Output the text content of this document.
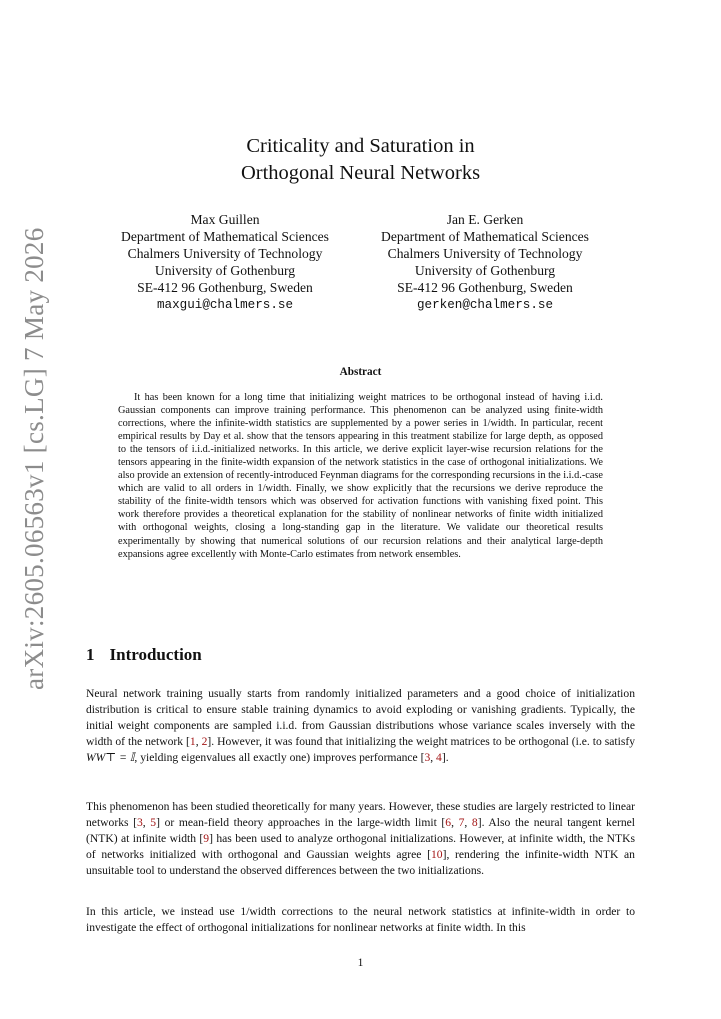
arXiv:2605.06563v1 [cs.LG] 7 May 2026
Criticality and Saturation in
Orthogonal Neural Networks
Max Guillen
Department of Mathematical Sciences
Chalmers University of Technology
University of Gothenburg
SE-412 96 Gothenburg, Sweden
maxgui@chalmers.se
Jan E. Gerken
Department of Mathematical Sciences
Chalmers University of Technology
University of Gothenburg
SE-412 96 Gothenburg, Sweden
gerken@chalmers.se
Abstract
It has been known for a long time that initializing weight matrices to be orthogonal instead of having i.i.d. Gaussian components can improve training performance. This phenomenon can be analyzed using finite-width corrections, where the infinite-width statistics are supplemented by a power series in 1/width. In particular, recent empirical results by Day et al. show that the tensors appearing in this treatment stabilize for large depth, as opposed to the tensors of i.i.d.-initialized networks. In this article, we derive explicit layer-wise recursion relations for the tensors appearing in the finite-width expansion of the network statistics in the case of orthogonal initializations. We also provide an extension of recently-introduced Feynman diagrams for the corresponding recursions in the i.i.d.-case which are valid to all orders in 1/width. Finally, we show explicitly that the recursions we derive reproduce the stability of the finite-width tensors which was observed for activation functions with vanishing fixed point. This work therefore provides a theoretical explanation for the stability of nonlinear networks of finite width initialized with orthogonal weights, closing a long-standing gap in the literature. We validate our theoretical results experimentally by showing that numerical solutions of our recursion relations and their analytical large-depth expansions agree excellently with Monte-Carlo estimates from network ensembles.
1 Introduction
Neural network training usually starts from randomly initialized parameters and a good choice of initialization distribution is critical to ensure stable training dynamics to avoid exploding or vanishing gradients. Typically, the initial weight components are sampled i.i.d. from Gaussian distributions whose variance scales inversely with the width of the network [1, 2]. However, it was found that initializing the weight matrices to be orthogonal (i.e. to satisfy WW⊤ = 𝕀, yielding eigenvalues all exactly one) improves performance [3, 4].
This phenomenon has been studied theoretically for many years. However, these studies are largely restricted to linear networks [3, 5] or mean-field theory approaches in the large-width limit [6, 7, 8]. Also the neural tangent kernel (NTK) at infinite width [9] has been used to analyze orthogonal initializations. However, at infinite width, the NTKs of networks initialized with orthogonal and Gaussian weights agree [10], rendering the infinite-width NTK an unsuitable tool to understand the observed differences between the two initializations.
In this article, we instead use 1/width corrections to the neural network statistics at infinite-width in order to investigate the effect of orthogonal initializations for nonlinear networks at finite width. In this
1
